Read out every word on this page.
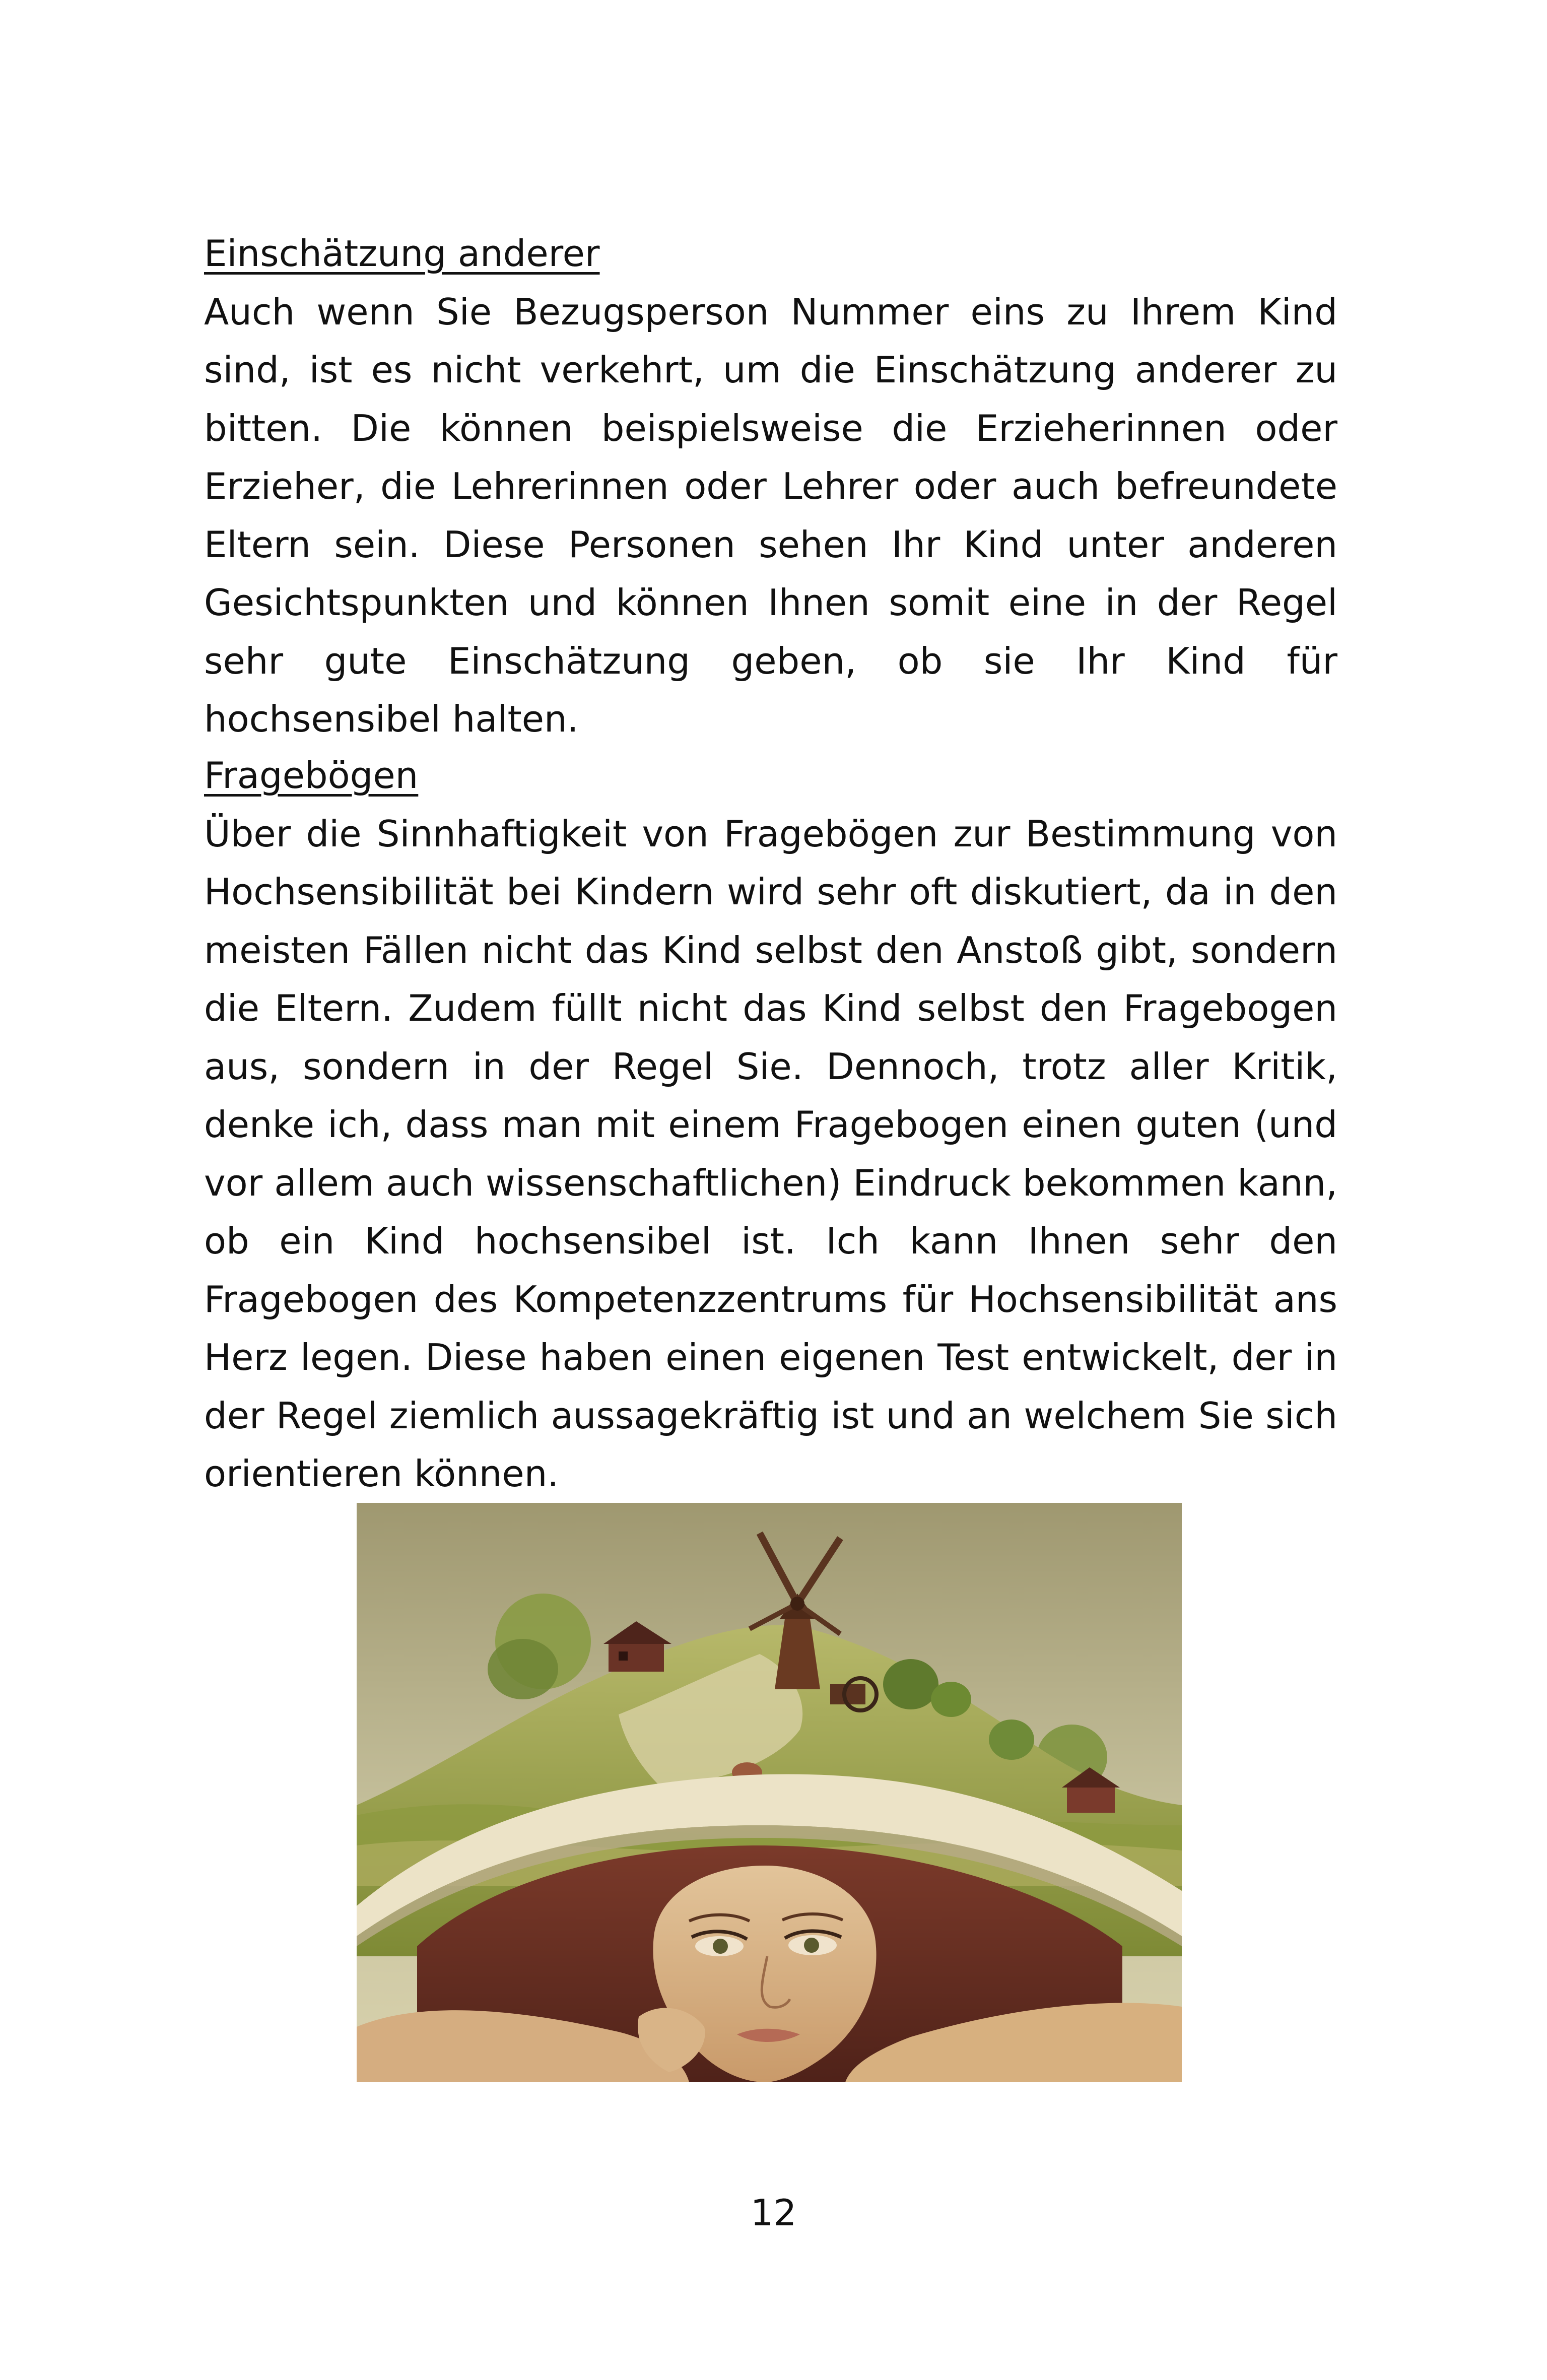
Einschätzung anderer

Auch wenn Sie Bezugsperson Nummer eins zu Ihrem Kind sind, ist es nicht verkehrt, um die Einschätzung anderer zu bitten. Die können beispielsweise die Erzieherinnen oder Erzieher, die Lehrerinnen oder Lehrer oder auch befreundete Eltern sein. Diese Personen sehen Ihr Kind unter anderen Gesichtspunkten und können Ihnen somit eine in der Regel sehr gute Einschätzung geben, ob sie Ihr Kind für hochsensibel halten.

Fragebögen

Über die Sinnhaftigkeit von Fragebögen zur Bestimmung von Hochsensibilität bei Kindern wird sehr oft diskutiert, da in den meisten Fällen nicht das Kind selbst den Anstoß gibt, sondern die Eltern. Zudem füllt nicht das Kind selbst den Fragebogen aus, sondern in der Regel Sie. Dennoch, trotz aller Kritik, denke ich, dass man mit einem Fragebogen einen guten (und vor allem auch wissenschaftlichen) Eindruck bekommen kann, ob ein Kind hochsensibel ist. Ich kann Ihnen sehr den Fragebogen des Kompetenzzentrums für Hochsensibilität ans Herz legen. Diese haben einen eigenen Test entwickelt, der in der Regel ziemlich aussagekräftig ist und an welchem Sie sich orientieren können.

12
